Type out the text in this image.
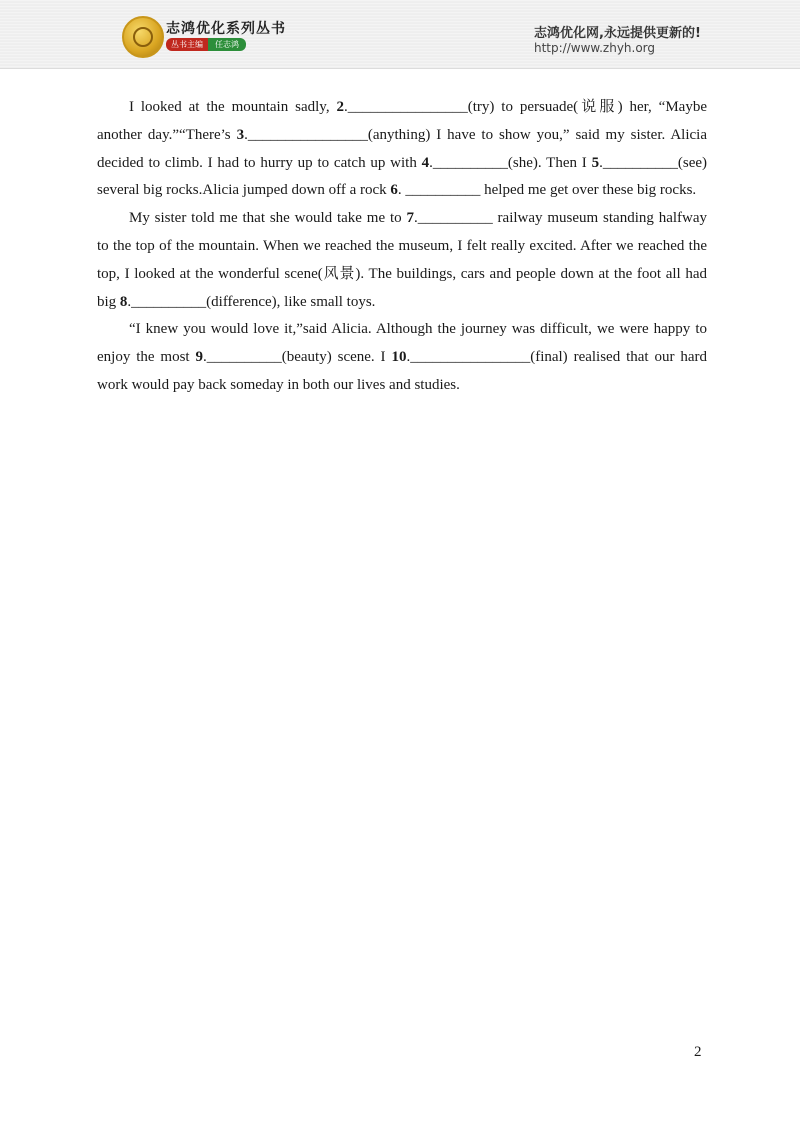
志鸿优化系列丛书
丛书主编	任志鸿
志鸿优化网,永远提供更新的!
http://www.zhyh.org

I looked at the mountain sadly, 2.________________(try) to persuade(说服) her, “Maybe another day.”“There’s 3.________________(anything) I have to show you,” said my sister. Alicia decided to climb. I had to hurry up to catch up with 4.__________(she). Then I 5.__________(see) several big rocks.Alicia jumped down off a rock 6. __________ helped me get over these big rocks.

My sister told me that she would take me to 7.__________ railway museum standing halfway to the top of the mountain. When we reached the museum, I felt really excited. After we reached the top, I looked at the wonderful scene(风景). The buildings, cars and people down at the foot all had big 8.__________(difference), like small toys.

“I knew you would love it,”said Alicia. Although the journey was difficult, we were happy to enjoy the most 9.__________(beauty) scene. I 10.________________(final) realised that our hard work would pay back someday in both our lives and studies.

2
